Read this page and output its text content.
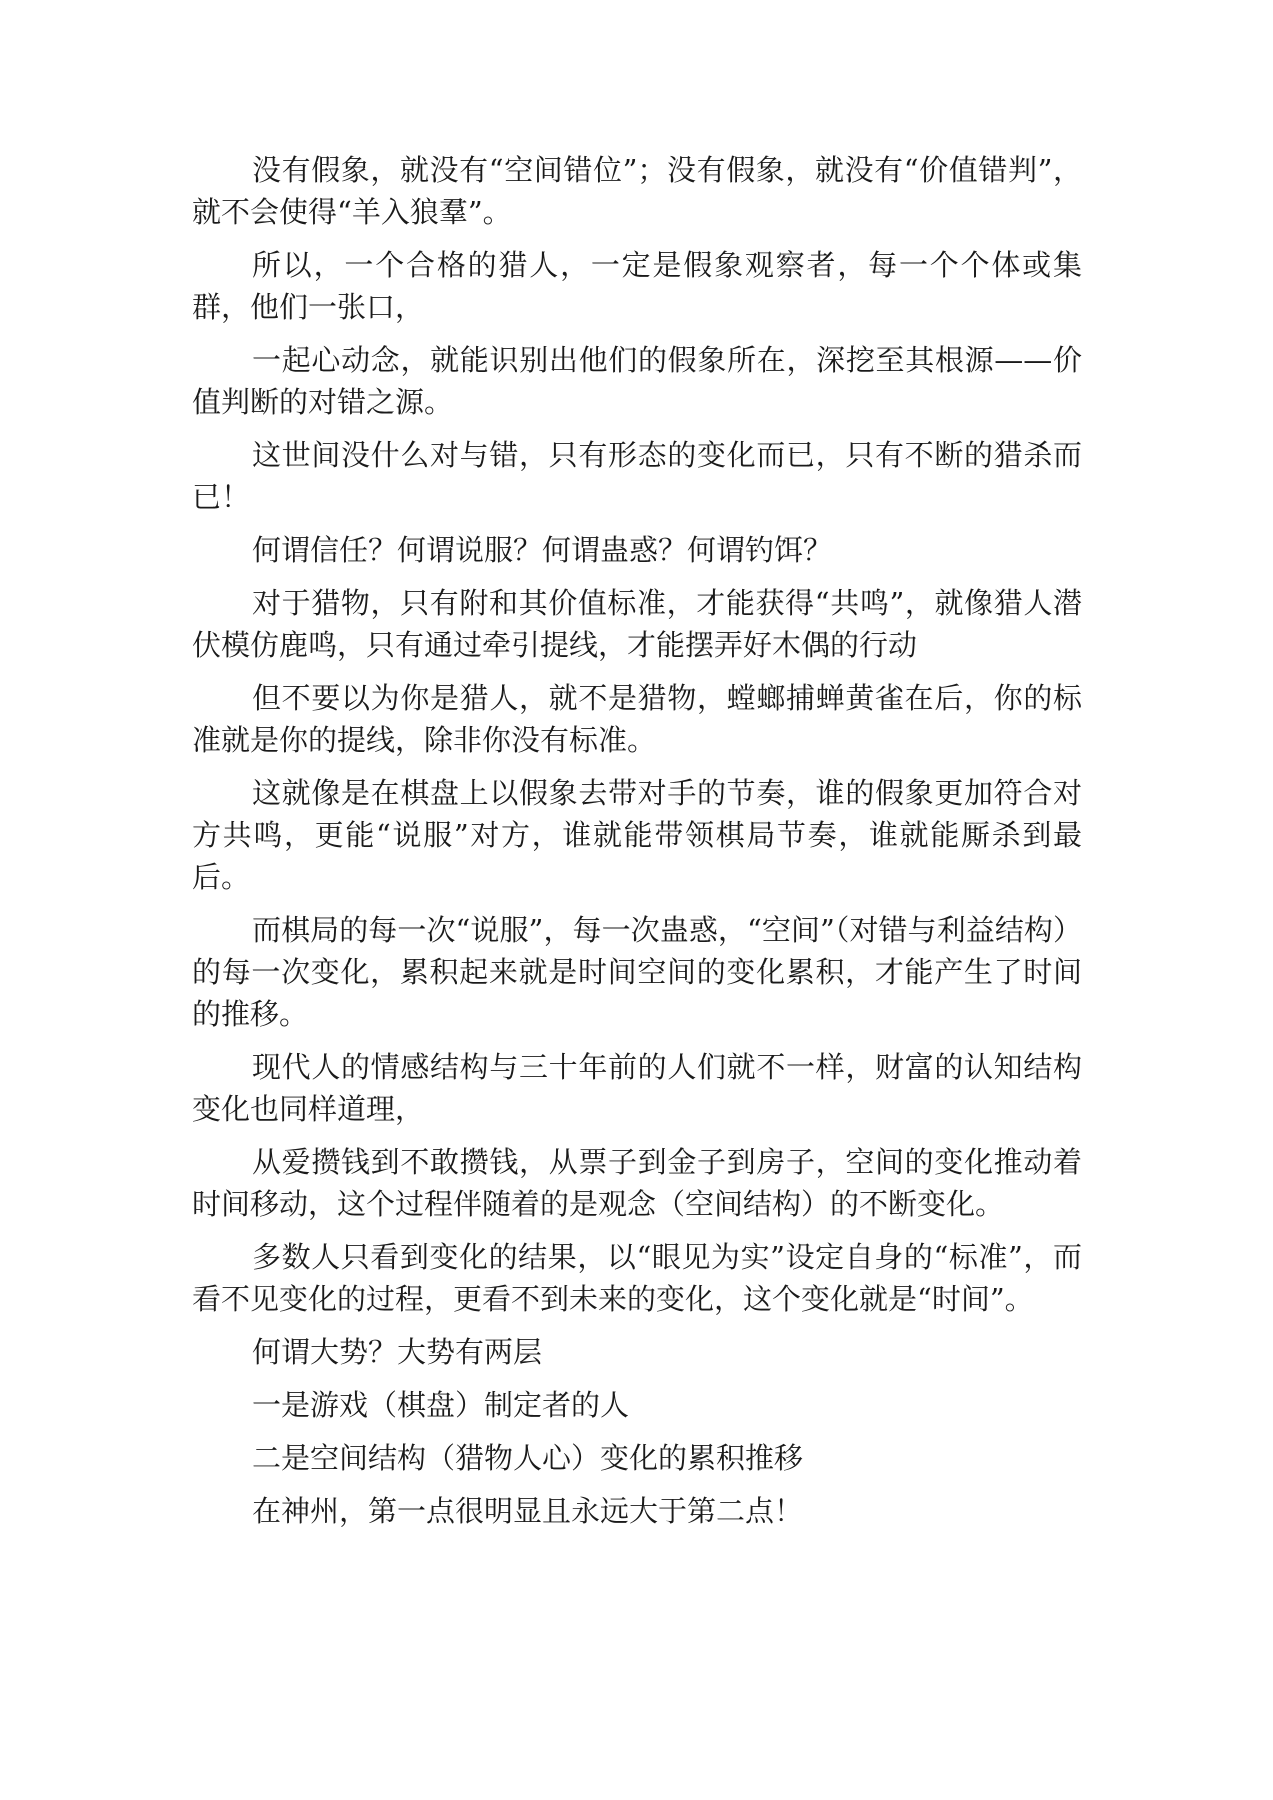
没有假象，就没有“空间错位”；没有假象，就没有“价值错判”，就不会使得“羊入狼羣”。

所以，一个合格的猎人，一定是假象观察者，每一个个体或集群，他们一张口，

一起心动念，就能识别出他们的假象所在，深挖至其根源——价值判断的对错之源。

这世间没什么对与错，只有形态的变化而已，只有不断的猎杀而已！

何谓信任？何谓说服？何谓蛊惑？何谓钓饵？

对于猎物，只有附和其价值标准，才能获得“共鸣”，就像猎人潜伏模仿鹿鸣，只有通过牵引提线，才能摆弄好木偶的行动

但不要以为你是猎人，就不是猎物，螳螂捕蝉黄雀在后，你的标准就是你的提线，除非你没有标准。

这就像是在棋盘上以假象去带对手的节奏，谁的假象更加符合对方共鸣，更能“说服”对方，谁就能带领棋局节奏，谁就能厮杀到最后。

而棋局的每一次“说服”，每一次蛊惑，“空间”（对错与利益结构）的每一次变化，累积起来就是时间空间的变化累积，才能产生了时间的推移。

现代人的情感结构与三十年前的人们就不一样，财富的认知结构变化也同样道理，

从爱攒钱到不敢攒钱，从票子到金子到房子，空间的变化推动着时间移动，这个过程伴随着的是观念（空间结构）的不断变化。

多数人只看到变化的结果，以“眼见为实”设定自身的“标准”，而看不见变化的过程，更看不到未来的变化，这个变化就是“时间”。

何谓大势？大势有两层

一是游戏（棋盘）制定者的人

二是空间结构（猎物人心）变化的累积推移

在神州，第一点很明显且永远大于第二点！
